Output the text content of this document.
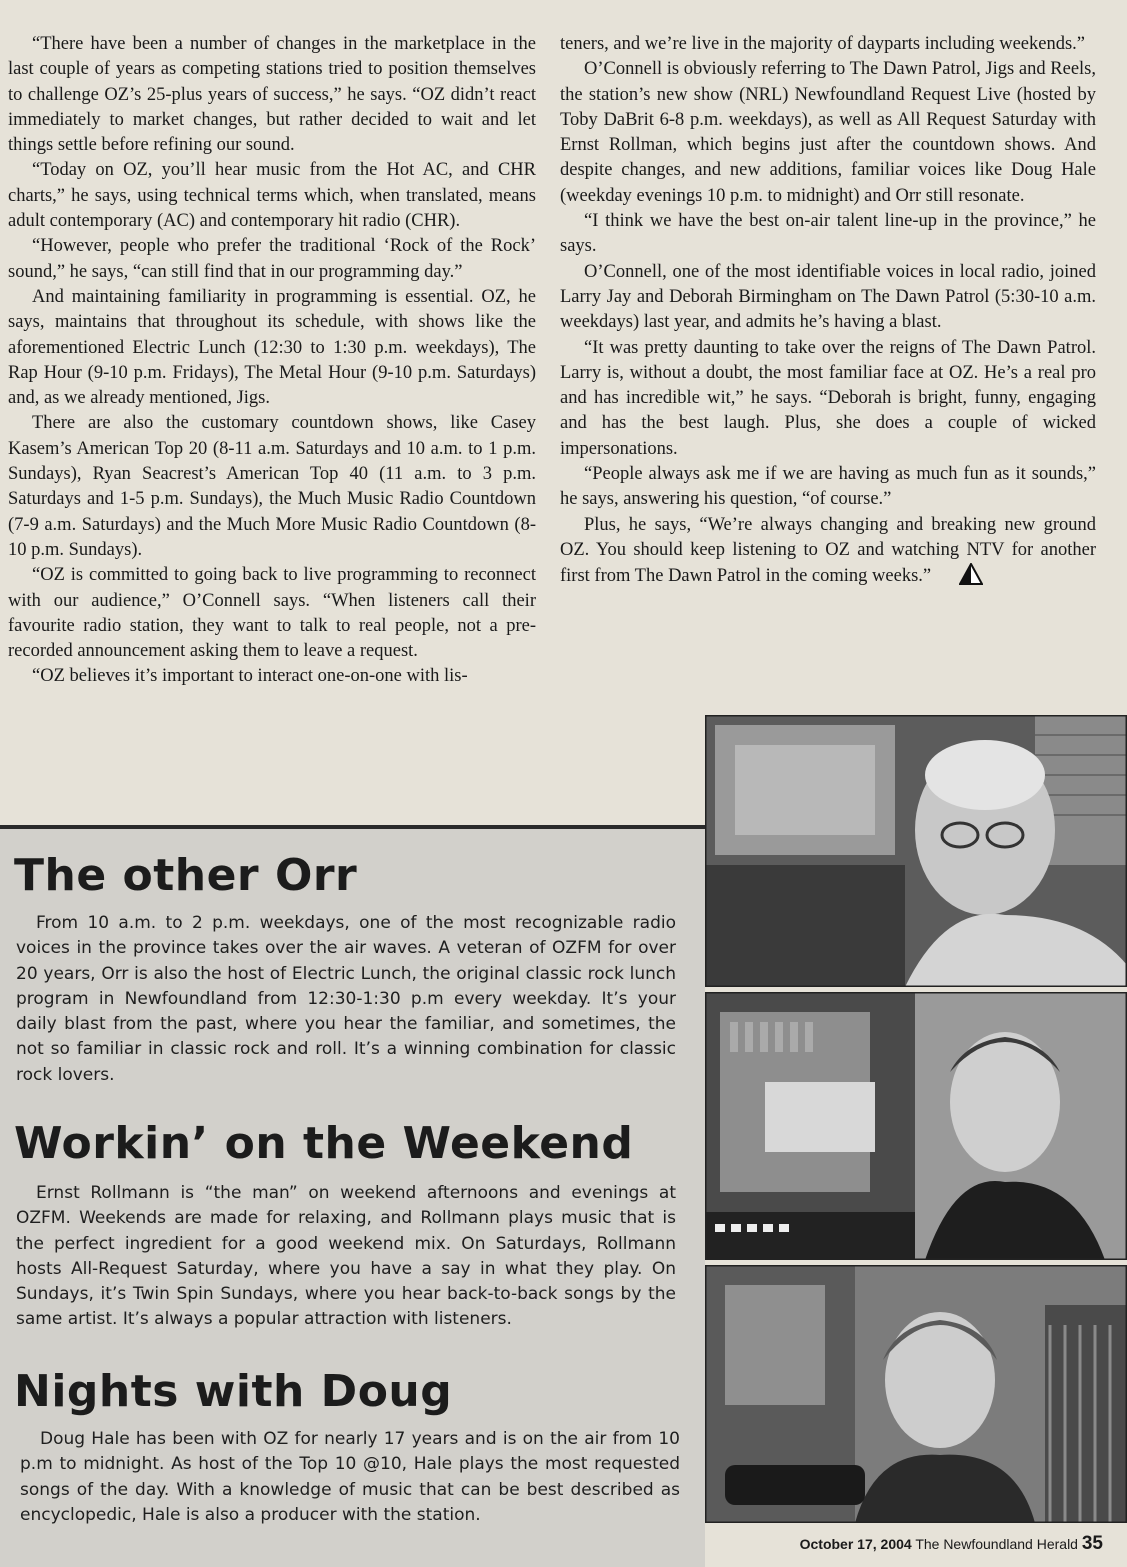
“There have been a number of changes in the marketplace in the last couple of years as competing stations tried to position themselves to challenge OZ’s 25-plus years of success,” he says. “OZ didn’t react immediately to market changes, but rather decided to wait and let things settle before refining our sound.

“Today on OZ, you’ll hear music from the Hot AC, and CHR charts,” he says, using technical terms which, when translated, means adult contemporary (AC) and contemporary hit radio (CHR).

“However, people who prefer the traditional ‘Rock of the Rock’ sound,” he says, “can still find that in our programming day.”

And maintaining familiarity in programming is essential. OZ, he says, maintains that throughout its schedule, with shows like the aforementioned Electric Lunch (12:30 to 1:30 p.m. weekdays), The Rap Hour (9-10 p.m. Fridays), The Metal Hour (9-10 p.m. Saturdays) and, as we already mentioned, Jigs.

There are also the customary countdown shows, like Casey Kasem’s American Top 20 (8-11 a.m. Saturdays and 10 a.m. to 1 p.m. Sundays), Ryan Seacrest’s American Top 40 (11 a.m. to 3 p.m. Saturdays and 1-5 p.m. Sundays), the Much Music Radio Countdown (7-9 a.m. Saturdays) and the Much More Music Radio Countdown (8-10 p.m. Sundays).

“OZ is committed to going back to live programming to reconnect with our audience,” O’Connell says. “When listeners call their favourite radio station, they want to talk to real people, not a pre-recorded announcement asking them to leave a request.

“OZ believes it’s important to interact one-on-one with lis-

teners, and we’re live in the majority of dayparts including weekends.”

O’Connell is obviously referring to The Dawn Patrol, Jigs and Reels, the station’s new show (NRL) Newfoundland Request Live (hosted by Toby DaBrit 6-8 p.m. weekdays), as well as All Request Saturday with Ernst Rollman, which begins just after the countdown shows. And despite changes, and new additions, familiar voices like Doug Hale (weekday evenings 10 p.m. to midnight) and Orr still resonate.

“I think we have the best on-air talent line-up in the province,” he says.

O’Connell, one of the most identifiable voices in local radio, joined Larry Jay and Deborah Birmingham on The Dawn Patrol (5:30-10 a.m. weekdays) last year, and admits he’s having a blast.

“It was pretty daunting to take over the reigns of The Dawn Patrol. Larry is, without a doubt, the most familiar face at OZ. He’s a real pro and has incredible wit,” he says. “Deborah is bright, funny, engaging and has the best laugh. Plus, she does a couple of wicked impersonations.

“People always ask me if we are having as much fun as it sounds,” he says, answering his question, “of course.”

Plus, he says, “We’re always changing and breaking new ground OZ. You should keep listening to OZ and watching NTV for another first from The Dawn Patrol in the coming weeks.”

The other Orr

From 10 a.m. to 2 p.m. weekdays, one of the most recognizable radio voices in the province takes over the air waves. A veteran of OZFM for over 20 years, Orr is also the host of Electric Lunch, the original classic rock lunch program in Newfoundland from 12:30-1:30 p.m every weekday. It’s your daily blast from the past, where you hear the familiar, and sometimes, the not so familiar in classic rock and roll. It’s a winning combination for classic rock lovers.

Workin’ on the Weekend

Ernst Rollmann is “the man” on weekend afternoons and evenings at OZFM. Weekends are made for relaxing, and Rollmann plays music that is the perfect ingredient for a good weekend mix. On Saturdays, Rollmann hosts All-Request Saturday, where you have a say in what they play. On Sundays, it’s Twin Spin Sundays, where you hear back-to-back songs by the same artist. It’s always a popular attraction with listeners.

Nights with Doug

Doug Hale has been with OZ for nearly 17 years and is on the air from 10 p.m to midnight. As host of the Top 10 @10, Hale plays the most requested songs of the day. With a knowledge of music that can be best described as encyclopedic, Hale is also a producer with the station.

October 17, 2004 The Newfoundland Herald 35
